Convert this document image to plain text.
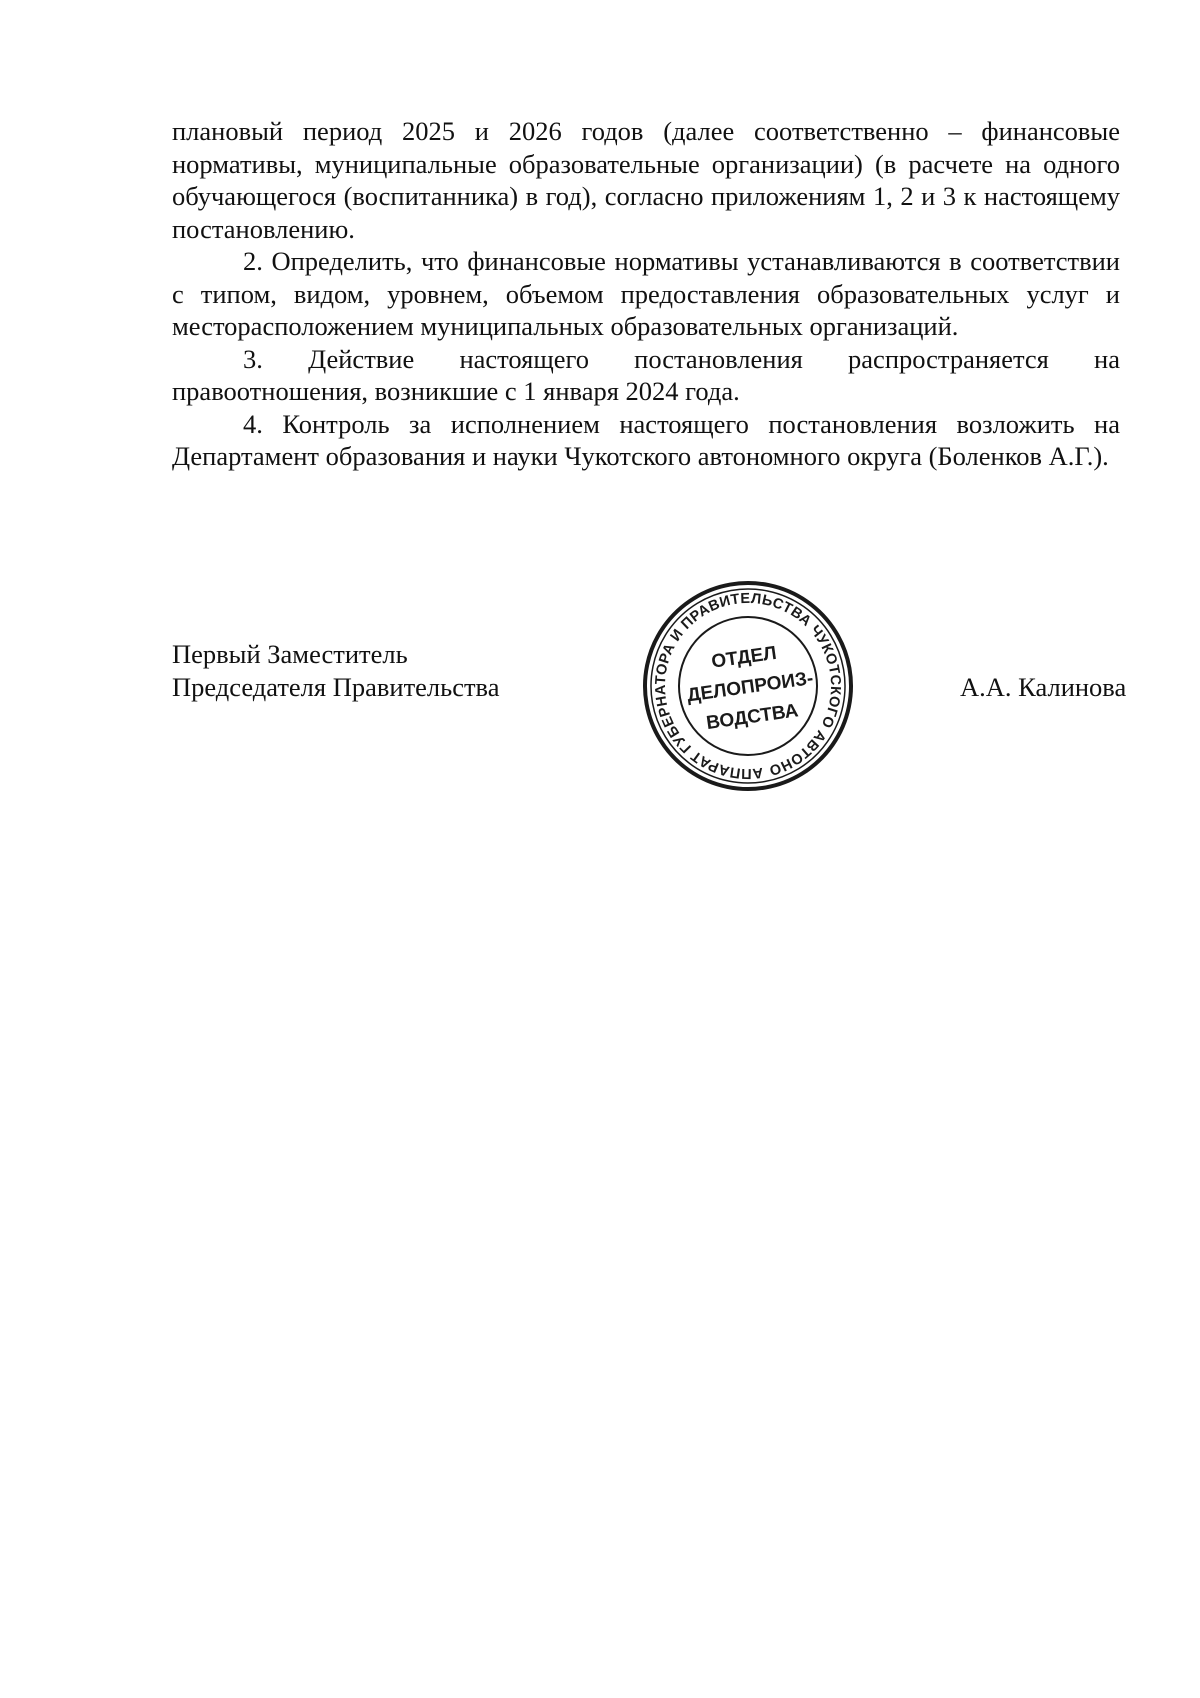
плановый период 2025 и 2026 годов (далее соответственно – финансовые нормативы, муниципальные образовательные организации) (в расчете на одного обучающегося (воспитанника) в год), согласно приложениям 1, 2 и 3 к настоящему постановлению.

2. Определить, что финансовые нормативы устанавливаются в соответствии с типом, видом, уровнем, объемом предоставления образовательных услуг и месторасположением муниципальных образовательных организаций.

3. Действие настоящего постановления распространяется на правоотношения, возникшие с 1 января 2024 года.

4. Контроль за исполнением настоящего постановления возложить на Департамент образования и науки Чукотского автономного округа (Боленков А.Г.).

Первый Заместитель
Председателя Правительства
АППАРАТ ГУБЕРНАТОРА И ПРАВИТЕЛЬСТВА ЧУКОТСКОГО АВТОНОМНОГО
ОТДЕЛ
ДЕЛОПРОИЗ-
ВОДСТВА
А.А. Калинова
